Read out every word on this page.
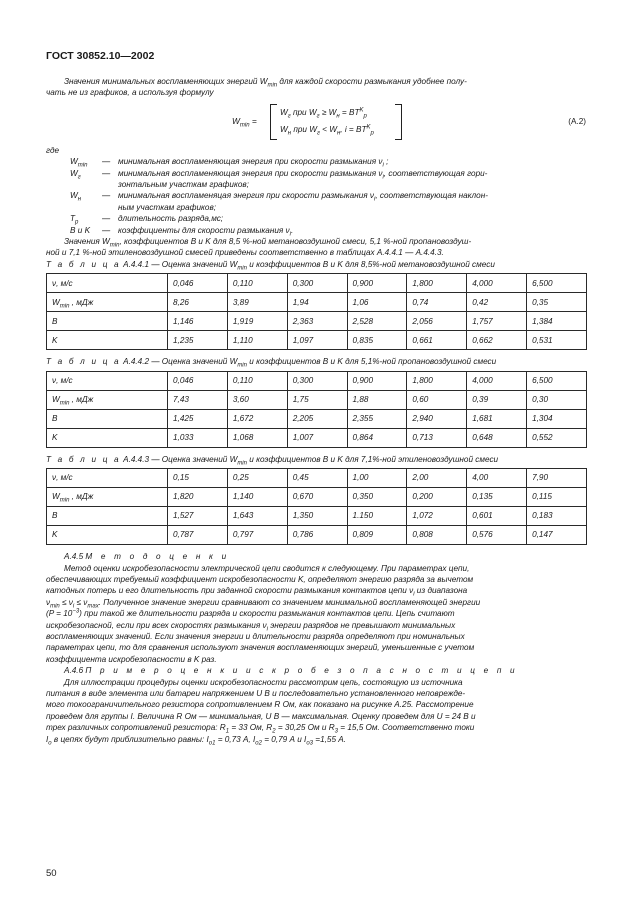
ГОСТ 30852.10—2002

Значения минимальных воспламеняющих энергий $W_{min}$ для каждой скорости размыкания удобнее полу-
чать не из графиков, а используя формулу

$W_{min}$ =
$W_г$ при $W_г \ge W_н = BT^K_p$
$W_н$ при $W_г < W_н$, $i = BT^K_p$
(A.2)

где

$W_{min}$ — минимальная воспламеняющая энергия при скорости размыкания $\nu_i$ ;

$W_г$	— минимальная воспламеняющая энергия при скорости размыкания $\nu_i$, соответствующая гори-
зонтальным участкам графиков;

$W_н$	— минимальная воспламеняцая энергия при скорости размыкания $\nu_i$, соответствующая наклон-
ным участкам графиков;

$T_р$	— длительность разряда,мс;

B и K — коэффициенты для скорости размыкания $\nu_i$.

Значения $W_{min}$, коэффициентов B и K для 8,5 %-ной метановоздушной смеси, 5,1 %-ной пропановоздуш-
ной и 7,1 %-ной этиленовоздушной смесей приведены соответственно в таблицах А.4.4.1 — А.4.4.3.

Т а б л и ц а А.4.4.1 — Оценка значений $W_{min}$ и коэффициентов B и K для 8,5%-ной метановоздушной смеси

ν, м/с	0,046	0,110	0,300	0,900	1,800	4,000	6,500
$W_{min}$ , мДж	8,26	3,89	1,94	1,06	0,74	0,42	0,35
B	1,146	1,919	2,363	2,528	2,056	1,757	1,384
K	1,235	1,110	1,097	0,835	0,661	0,662	0,531

Т а б л и ц а А.4.4.2 — Оценка значений $W_{min}$ и коэффициентов B и K для 5,1%-ной пропановоздушной смеси

ν, м/с	0,046	0,110	0,300	0,900	1,800	4,000	6,500
$W_{min}$ , мДж	7,43	3,60	1,75	1,88	0,60	0,39	0,30
B	1,425	1,672	2,205	2,355	2,940	1,681	1,304
K	1,033	1,068	1,007	0,864	0,713	0,648	0,552

Т а б л и ц а А.4.4.3 — Оценка значений $W_{min}$ и коэффициентов B и K для 7,1%-ной этиленовоздушной смеси

ν, м/с	0,15	0,25	0,45	1,00	2,00	4,00	7,90
$W_{min}$ , мДж	1,820	1,140	0,670	0,350	0,200	0,135	0,115
B	1,527	1,643	1,350	1.150	1,072	0,601	0,183
K	0,787	0,797	0,786	0,809	0,808	0,576	0,147

А.4.5 М е т о д о ц е н к и

Метод оценки искробезопасности электрической цепи сводится к следующему. При параметрах цепи,
обеспечивающих требуемый коэффициент искробезопасности K, определяют энергию разряда за вычетом
катодных потерь и его длительность при заданной скорости размыкания контактов цепи $\nu_i$ из диапазона
$\nu_{min} \le \nu_i \le \nu_{max}$. Полученное значение энергии сравнивают со значением минимальной воспламеняющей энергии
$(P = 10^{-3})$ при такой же длительности разряда и скорости размыкания контактов цепи. Цепь считают
искробезопасной, если при всех скоростях размыкания $\nu_i$ энергии разрядов не превышают минимальных
воспламеняющих значений. Если значения энергии и длительности разряда определяют при номинальных
параметрах цепи, то для сравнения используют значения воспламеняющих энергий, уменьшенные с учетом
коэффициента искробезопасности в K раз.

А.4.6 П р и м е р о ц е н к и и с к р о б е з о п а с н о с т и ц е п и

Для иллюстрации процедуры оценки искробезопасности рассмотрим цепь, состоящую из источника
питания в виде элемента или батареи напряжением U B и последовательно установленного неповрежде-
мого токоограничительного резистора сопротивлением R Ом, как показано на рисунке А.25. Рассмотрение
проведем для группы I. Величина R Ом — минимальная, U B — максимальная. Оценку проведем для U = 24 B и
трех различных сопротивлений резистора: $R_1 = 33$ Ом, $R_2 = 30,25$ Ом и $R_3 = 15,5$ Ом. Соответственно токи
$I_o$ в цепях будут приблизительно равны: $I_{o1} = 0,73$ А, $I_{o2} = 0,79$ А и $I_{o3} =1,55$ А.

50
